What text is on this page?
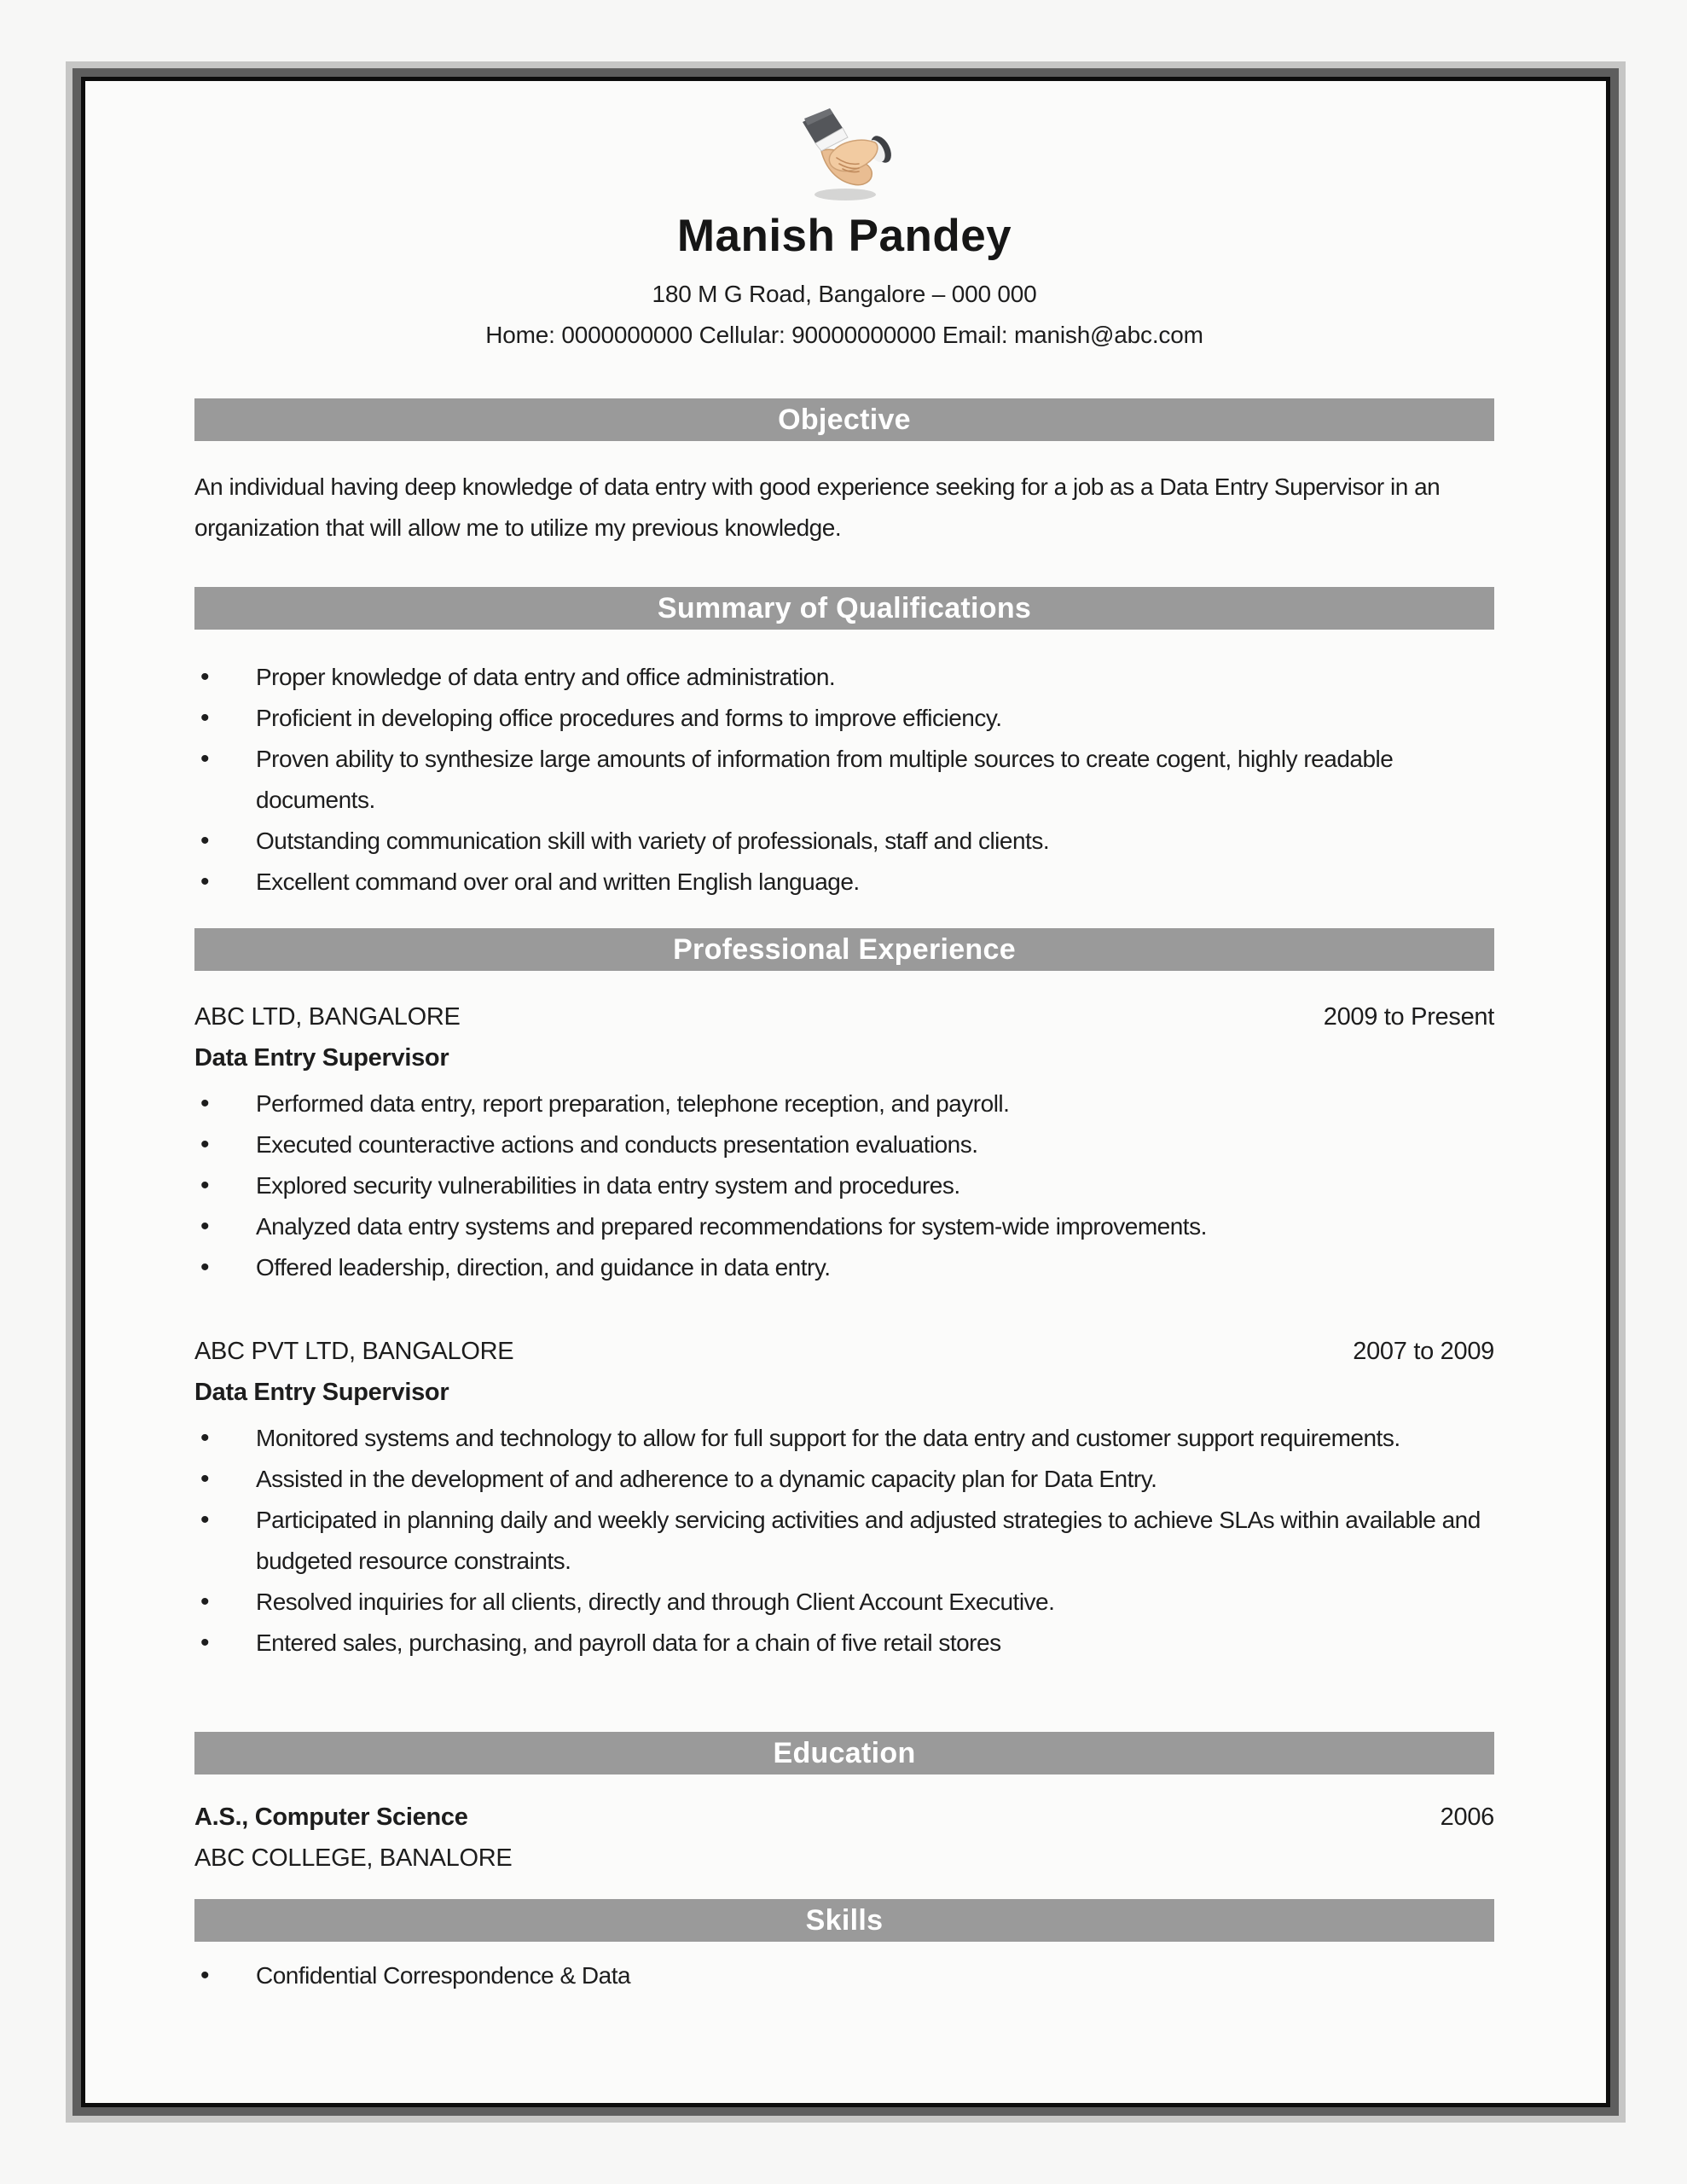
Manish Pandey
180 M G Road, Bangalore – 000 000
Home: 0000000000 Cellular: 90000000000 Email: manish@abc.com
Objective
An individual having deep knowledge of data entry with good experience seeking for a job as a Data Entry Supervisor in an organization that will allow me to utilize my previous knowledge.
Summary of Qualifications
•
Proper knowledge of data entry and office administration.
•
Proficient in developing office procedures and forms to improve efficiency.
•
Proven ability to synthesize large amounts of information from multiple sources to create cogent, highly readable documents.
•
Outstanding communication skill with variety of professionals, staff and clients.
•
Excellent command over oral and written English language.
Professional Experience
ABC LTD, BANGALORE	2009 to Present
Data Entry Supervisor
•
Performed data entry, report preparation, telephone reception, and payroll.
•
Executed counteractive actions and conducts presentation evaluations.
•
Explored security vulnerabilities in data entry system and procedures.
•
Analyzed data entry systems and prepared recommendations for system-wide improvements.
•
Offered leadership, direction, and guidance in data entry.
ABC PVT LTD, BANGALORE	2007 to 2009
Data Entry Supervisor
•
Monitored systems and technology to allow for full support for the data entry and customer support requirements.
•
Assisted in the development of and adherence to a dynamic capacity plan for Data Entry.
•
Participated in planning daily and weekly servicing activities and adjusted strategies to achieve SLAs within available and budgeted resource constraints.
•
Resolved inquiries for all clients, directly and through Client Account Executive.
•
Entered sales, purchasing, and payroll data for a chain of five retail stores
Education
A.S., Computer Science	2006
ABC COLLEGE, BANALORE
Skills
•
Confidential Correspondence & Data
